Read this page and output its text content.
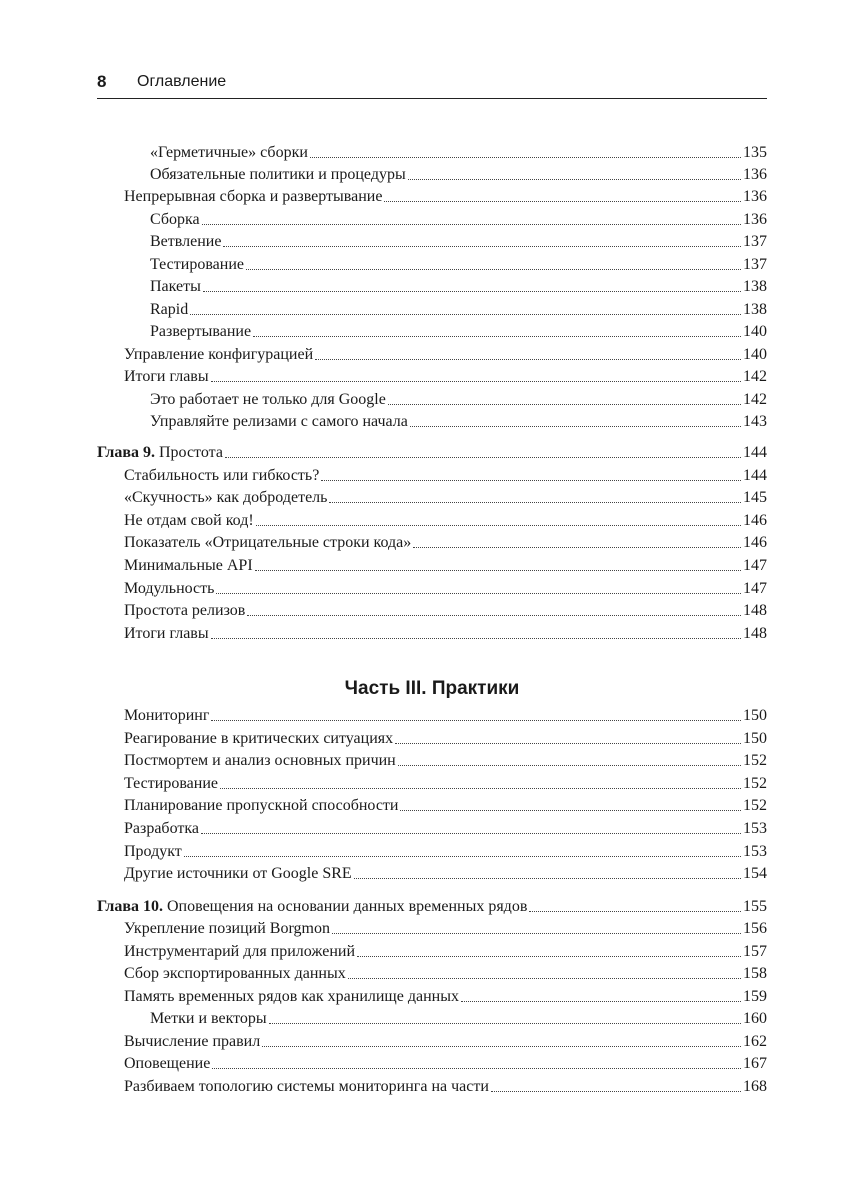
8 Оглавление
«Герметичные» сборки	135
Обязательные политики и процедуры	136
Непрерывная сборка и развертывание	136
Сборка	136
Ветвление	137
Тестирование	137
Пакеты	138
Rapid	138
Развертывание	140
Управление конфигурацией	140
Итоги главы	142
Это работает не только для Google	142
Управляйте релизами с самого начала	143
Глава 9. Простота	144
Стабильность или гибкость?	144
«Скучность» как добродетель	145
Не отдам свой код!	146
Показатель «Отрицательные строки кода»	146
Минимальные API	147
Модульность	147
Простота релизов	148
Итоги главы	148
Часть III. Практики
Мониторинг	150
Реагирование в критических ситуациях	150
Постмортем и анализ основных причин	152
Тестирование	152
Планирование пропускной способности	152
Разработка	153
Продукт	153
Другие источники от Google SRE	154
Глава 10. Оповещения на основании данных временных рядов	155
Укрепление позиций Borgmon	156
Инструментарий для приложений	157
Сбор экспортированных данных	158
Память временных рядов как хранилище данных	159
Метки и векторы	160
Вычисление правил	162
Оповещение	167
Разбиваем топологию системы мониторинга на части	168
